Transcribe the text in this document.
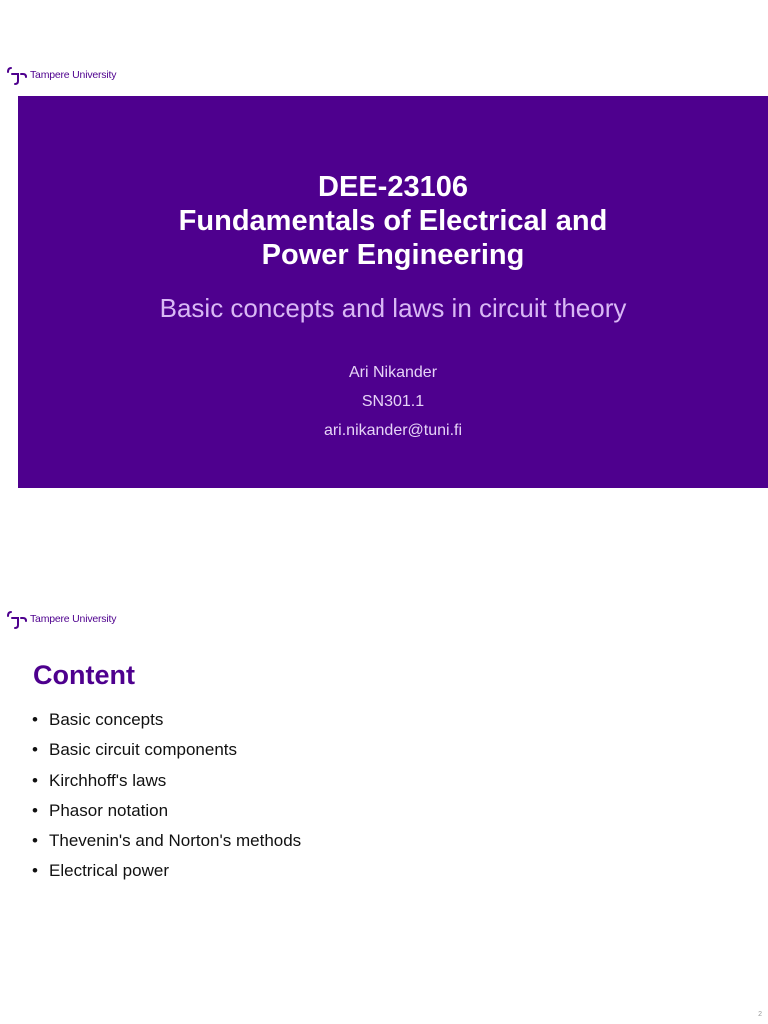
Tampere University
DEE-23106
Fundamentals of Electrical and
Power Engineering
Basic concepts and laws in circuit theory
Ari Nikander
SN301.1
ari.nikander@tuni.fi
Tampere University
Content
• Basic concepts
• Basic circuit components
• Kirchhoff's laws
• Phasor notation
• Thevenin's and Norton's methods
• Electrical power
2
